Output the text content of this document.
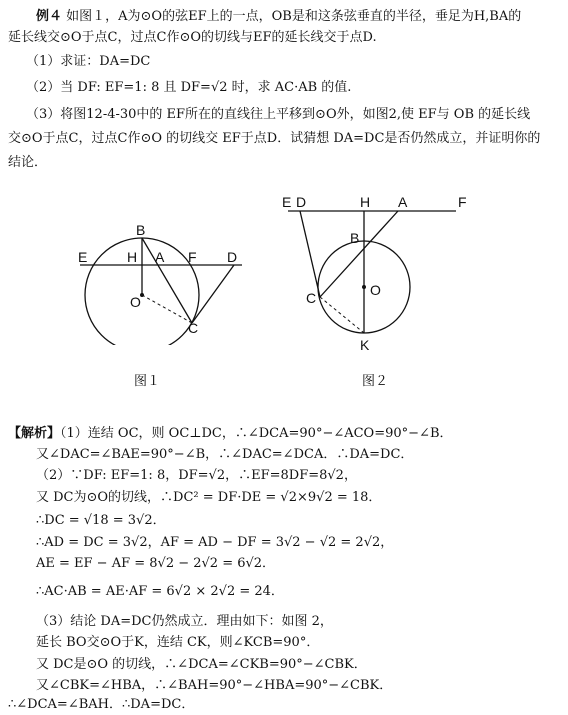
例４ 如图１，A为⊙O的弦EF上的一点，OB是和这条弦垂直的半径，垂足为H,BA的
延长线交⊙O于点C，过点C作⊙O的切线与EF的延长线交于点D.
（1）求证：DA=DC
（2）当 DF: EF=1: 8 且 DF=√2 时，求 AC·AB 的值.
（3）将图12-4-30中的 EF所在的直线往上平移到⊙O外，如图2,使 EF与 OB 的延长线
交⊙O于点C，过点C作⊙O 的切线交 EF于点D．试猜想 DA=DC是否仍然成立，并证明你的
结论．
B
E	H A F D
O
C
图１
E D	H A	F
B
C	O
K
图２
【解析】（1）连结 OC，则 OC⊥DC，∴∠DCA=90°−∠ACO=90°−∠B．
又∠DAC=∠BAE=90°−∠B，∴∠DAC=∠DCA．∴DA=DC．
（2）∵DF: EF=1: 8，DF=√2，∴EF=8DF=8√2，
又 DC为⊙O的切线，∴DC² = DF·DE = √2×9√2 = 18．
∴DC = √18 = 3√2．
∴AD = DC = 3√2，AF = AD − DF = 3√2 − √2 = 2√2，
AE = EF − AF = 8√2 − 2√2 = 6√2．
∴AC·AB = AE·AF = 6√2 × 2√2 = 24．
（3）结论 DA=DC仍然成立．理由如下：如图 2，
延长 BO交⊙O于K，连结 CK，则∠KCB=90°．
又 DC是⊙O 的切线，∴∠DCA=∠CKB=90°−∠CBK．
又∠CBK=∠HBA，∴∠BAH=90°−∠HBA=90°−∠CBK．
∴∠DCA=∠BAH．∴DA=DC．
